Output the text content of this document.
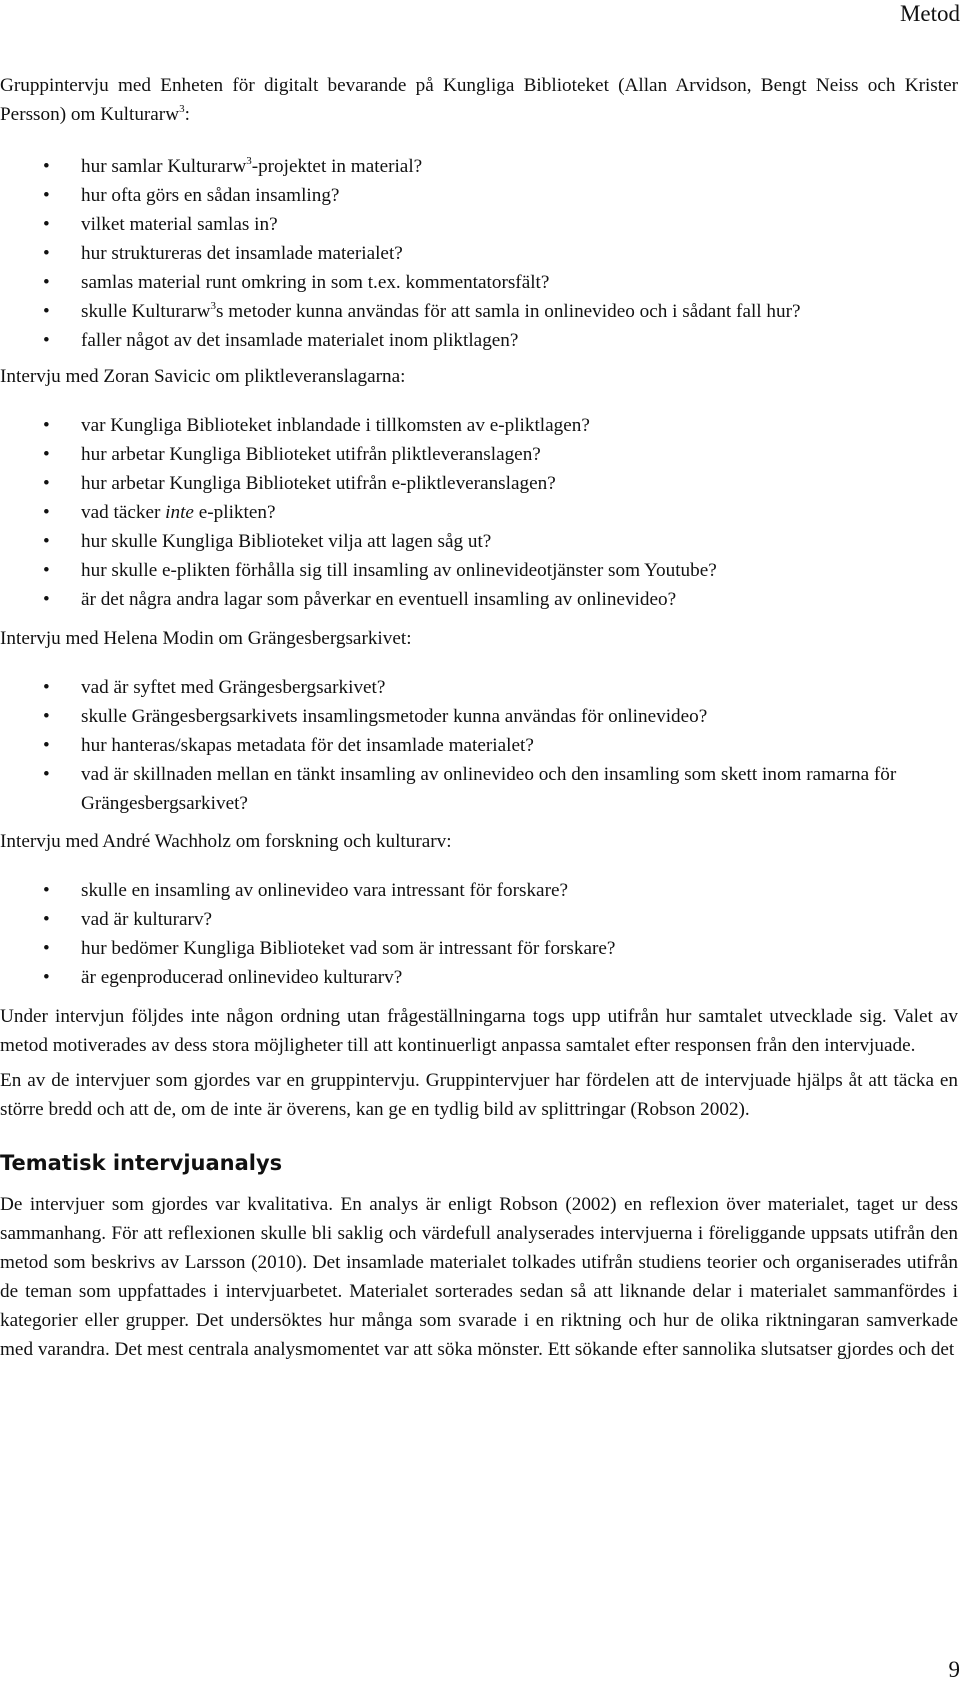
Metod

Gruppintervju med Enheten för digitalt bevarande på Kungliga Biblioteket (Allan Arvidson, Bengt Neiss och Krister Persson) om Kulturarw$^3$:

• hur samlar Kulturarw$^3$-projektet in material?
• hur ofta görs en sådan insamling?
• vilket material samlas in?
• hur struktureras det insamlade materialet?
• samlas material runt omkring in som t.ex. kommentatorsfält?
• skulle Kulturarw$^3$s metoder kunna användas för att samla in onlinevideo och i sådant fall hur?
• faller något av det insamlade materialet inom pliktlagen?

Intervju med Zoran Savicic om pliktleveranslagarna:

• var Kungliga Biblioteket inblandade i tillkomsten av e-pliktlagen?
• hur arbetar Kungliga Biblioteket utifrån pliktleveranslagen?
• hur arbetar Kungliga Biblioteket utifrån e-pliktleveranslagen?
• vad täcker inte e-plikten?
• hur skulle Kungliga Biblioteket vilja att lagen såg ut?
• hur skulle e-plikten förhålla sig till insamling av onlinevideotjänster som Youtube?
• är det några andra lagar som påverkar en eventuell insamling av onlinevideo?

Intervju med Helena Modin om Grängesbergsarkivet:

• vad är syftet med Grängesbergsarkivet?
• skulle Grängesbergsarkivets insamlingsmetoder kunna användas för onlinevideo?
• hur hanteras/skapas metadata för det insamlade materialet?
• vad är skillnaden mellan en tänkt insamling av onlinevideo och den insamling som skett inom ramarna för Grängesbergsarkivet?

Intervju med André Wachholz om forskning och kulturarv:

• skulle en insamling av onlinevideo vara intressant för forskare?
• vad är kulturarv?
• hur bedömer Kungliga Biblioteket vad som är intressant för forskare?
• är egenproducerad onlinevideo kulturarv?

Under intervjun följdes inte någon ordning utan frågeställningarna togs upp utifrån hur samtalet utvecklade sig. Valet av metod motiverades av dess stora möjligheter till att kontinuerligt anpassa samtalet efter responsen från den intervjuade.

En av de intervjuer som gjordes var en gruppintervju. Gruppintervjuer har fördelen att de intervjuade hjälps åt att täcka en större bredd och att de, om de inte är överens, kan ge en tydlig bild av splittringar (Robson 2002).

Tematisk intervjuanalys

De intervjuer som gjordes var kvalitativa. En analys är enligt Robson (2002) en reflexion över materialet, taget ur dess sammanhang. För att reflexionen skulle bli saklig och värdefull analyserades intervjuerna i föreliggande uppsats utifrån den metod som beskrivs av Larsson (2010). Det insamlade materialet tolkades utifrån studiens teorier och organiserades utifrån de teman som uppfattades i intervjuarbetet. Materialet sorterades sedan så att liknande delar i materialet sammanfördes i kategorier eller grupper. Det undersöktes hur många som svarade i en riktning och hur de olika riktningaran samverkade med varandra. Det mest centrala analysmomentet var att söka mönster. Ett sökande efter sannolika slutsatser gjordes och det

9
